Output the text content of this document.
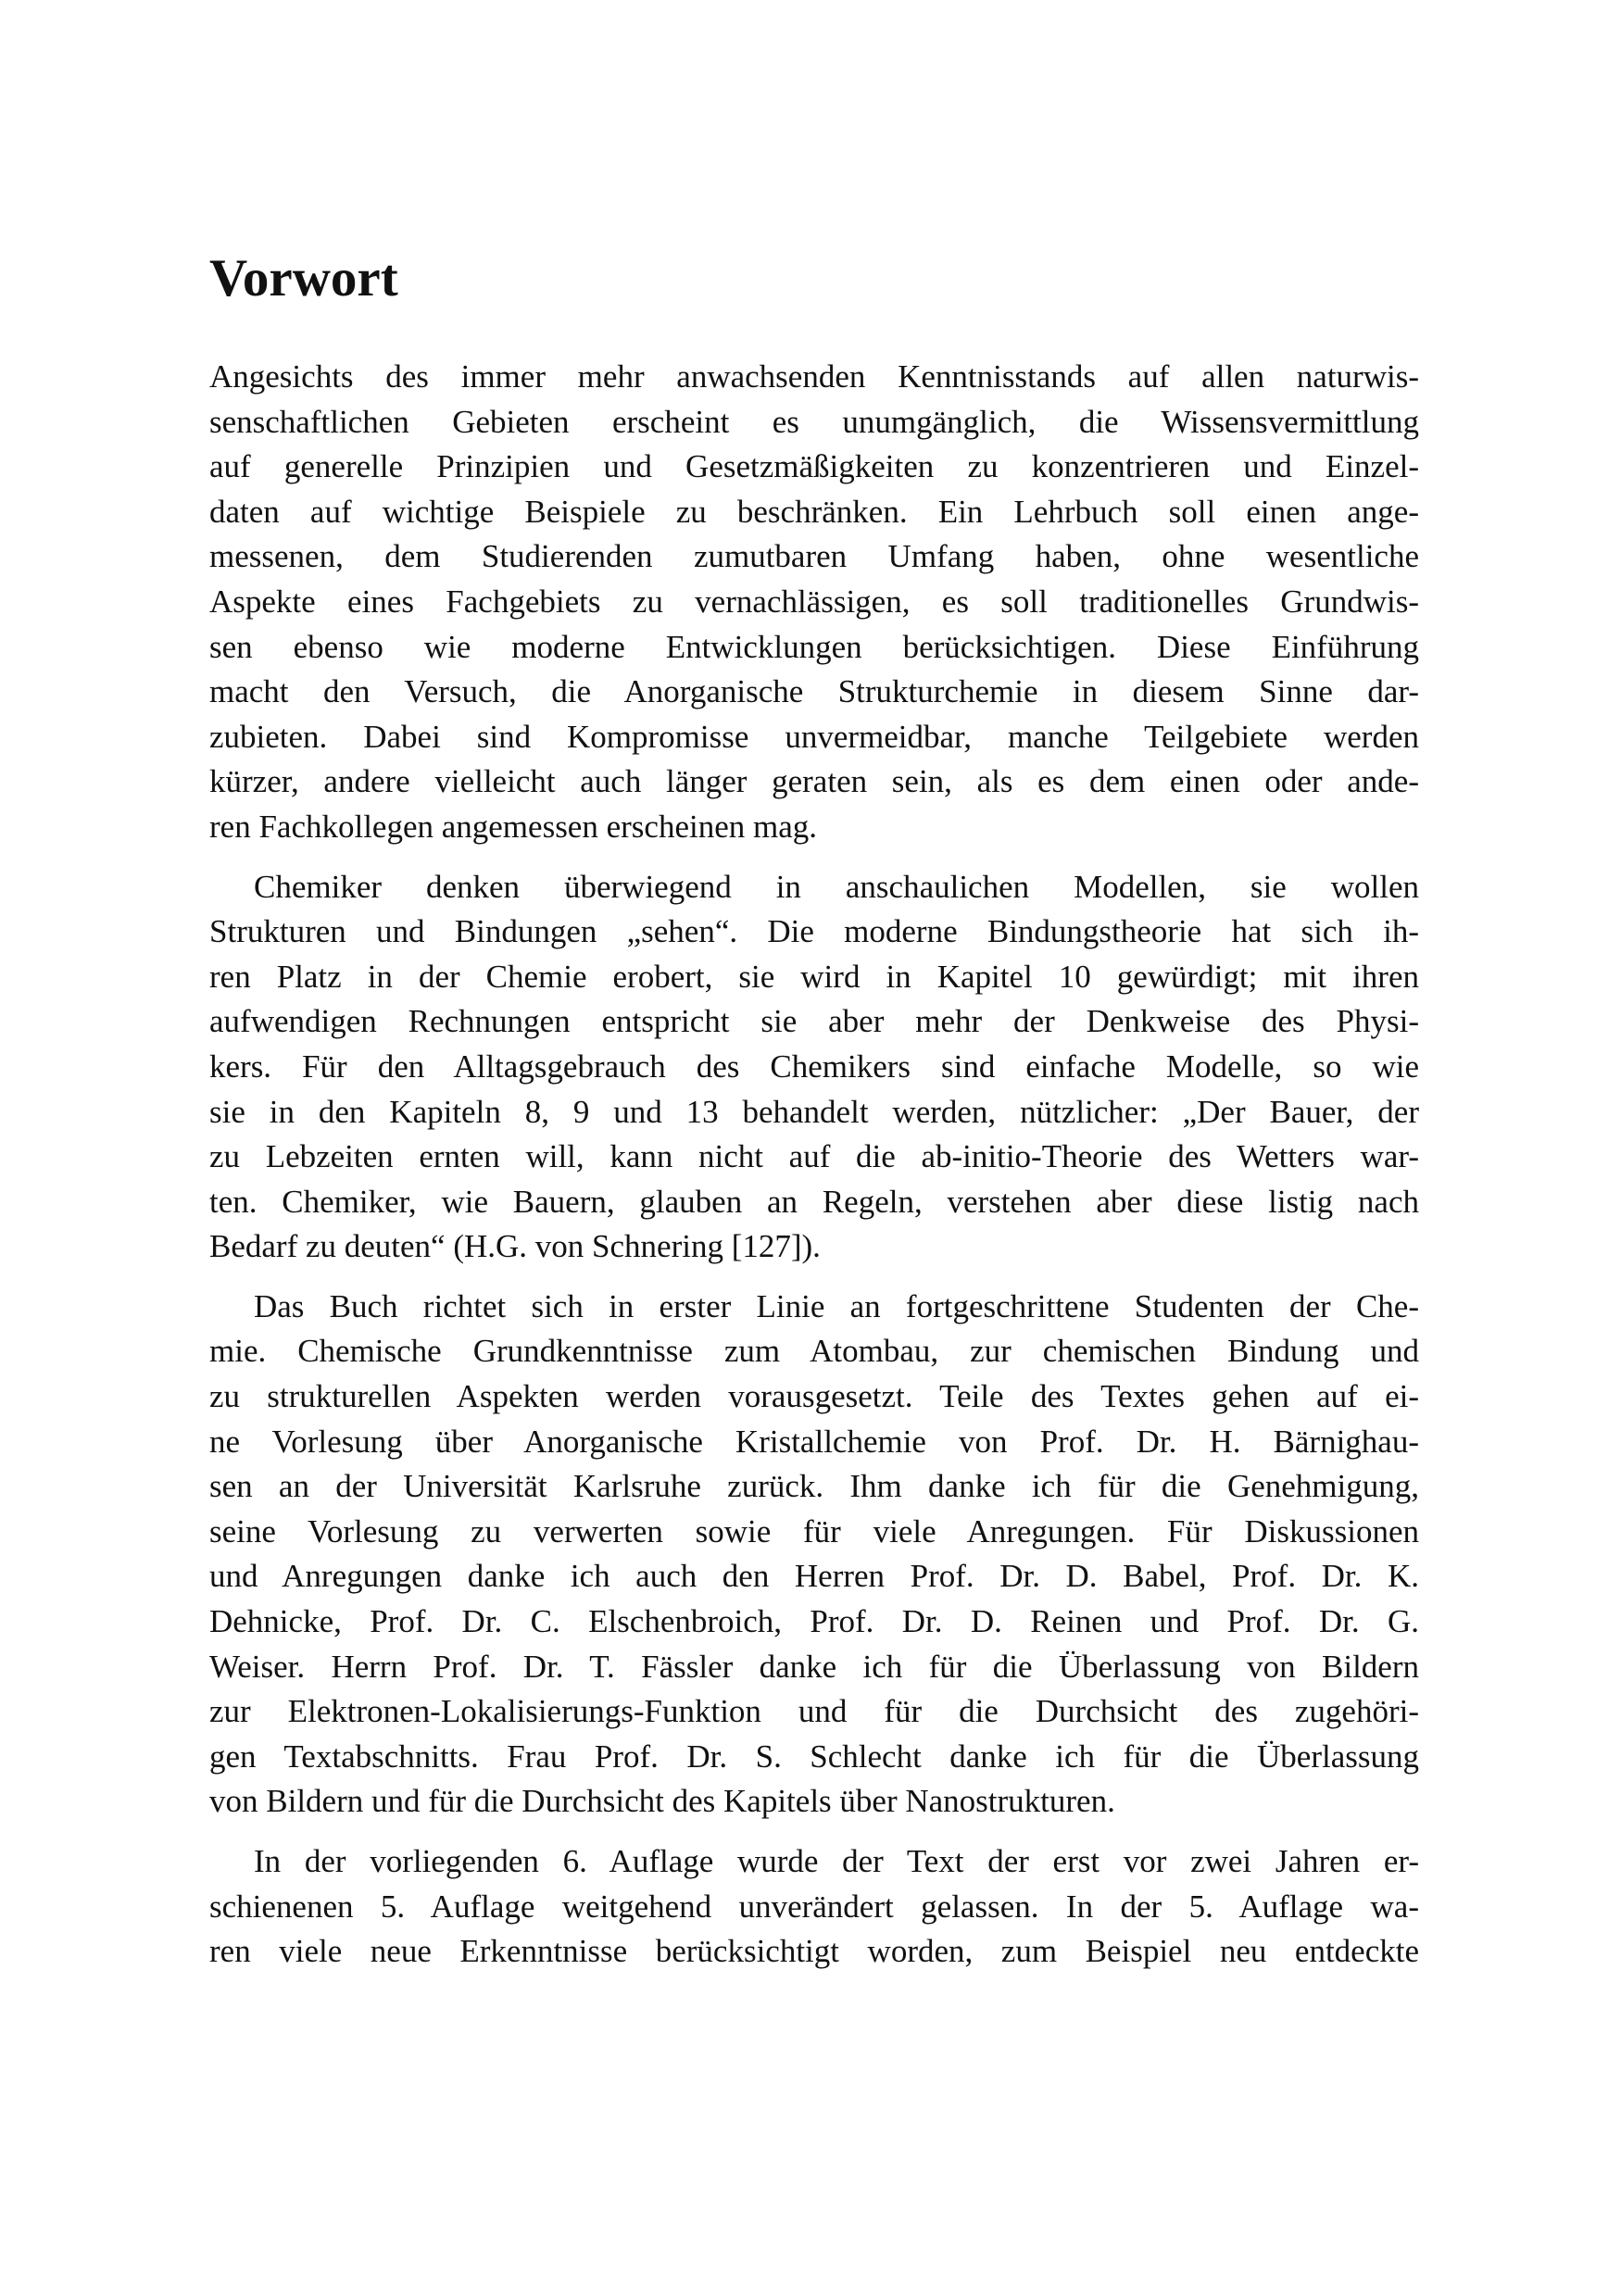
Vorwort
Angesichts des immer mehr anwachsenden Kenntnisstands auf allen naturwis-
senschaftlichen Gebieten erscheint es unumgänglich, die Wissensvermittlung
auf generelle Prinzipien und Gesetzmäßigkeiten zu konzentrieren und Einzel-
daten auf wichtige Beispiele zu beschränken. Ein Lehrbuch soll einen ange-
messenen, dem Studierenden zumutbaren Umfang haben, ohne wesentliche
Aspekte eines Fachgebiets zu vernachlässigen, es soll traditionelles Grundwis-
sen ebenso wie moderne Entwicklungen berücksichtigen. Diese Einführung
macht den Versuch, die Anorganische Strukturchemie in diesem Sinne dar-
zubieten. Dabei sind Kompromisse unvermeidbar, manche Teilgebiete werden
kürzer, andere vielleicht auch länger geraten sein, als es dem einen oder ande-
ren Fachkollegen angemessen erscheinen mag.
Chemiker denken überwiegend in anschaulichen Modellen, sie wollen
Strukturen und Bindungen „sehen“. Die moderne Bindungstheorie hat sich ih-
ren Platz in der Chemie erobert, sie wird in Kapitel 10 gewürdigt; mit ihren
aufwendigen Rechnungen entspricht sie aber mehr der Denkweise des Physi-
kers. Für den Alltagsgebrauch des Chemikers sind einfache Modelle, so wie
sie in den Kapiteln 8, 9 und 13 behandelt werden, nützlicher: „Der Bauer, der
zu Lebzeiten ernten will, kann nicht auf die ab-initio-Theorie des Wetters war-
ten. Chemiker, wie Bauern, glauben an Regeln, verstehen aber diese listig nach
Bedarf zu deuten“ (H.G. von Schnering [127]).
Das Buch richtet sich in erster Linie an fortgeschrittene Studenten der Che-
mie. Chemische Grundkenntnisse zum Atombau, zur chemischen Bindung und
zu strukturellen Aspekten werden vorausgesetzt. Teile des Textes gehen auf ei-
ne Vorlesung über Anorganische Kristallchemie von Prof. Dr. H. Bärnighau-
sen an der Universität Karlsruhe zurück. Ihm danke ich für die Genehmigung,
seine Vorlesung zu verwerten sowie für viele Anregungen. Für Diskussionen
und Anregungen danke ich auch den Herren Prof. Dr. D. Babel, Prof. Dr. K.
Dehnicke, Prof. Dr. C. Elschenbroich, Prof. Dr. D. Reinen und Prof. Dr. G.
Weiser. Herrn Prof. Dr. T. Fässler danke ich für die Überlassung von Bildern
zur Elektronen-Lokalisierungs-Funktion und für die Durchsicht des zugehöri-
gen Textabschnitts. Frau Prof. Dr. S. Schlecht danke ich für die Überlassung
von Bildern und für die Durchsicht des Kapitels über Nanostrukturen.
In der vorliegenden 6. Auflage wurde der Text der erst vor zwei Jahren er-
schienenen 5. Auflage weitgehend unverändert gelassen. In der 5. Auflage wa-
ren viele neue Erkenntnisse berücksichtigt worden, zum Beispiel neu entdeckte
